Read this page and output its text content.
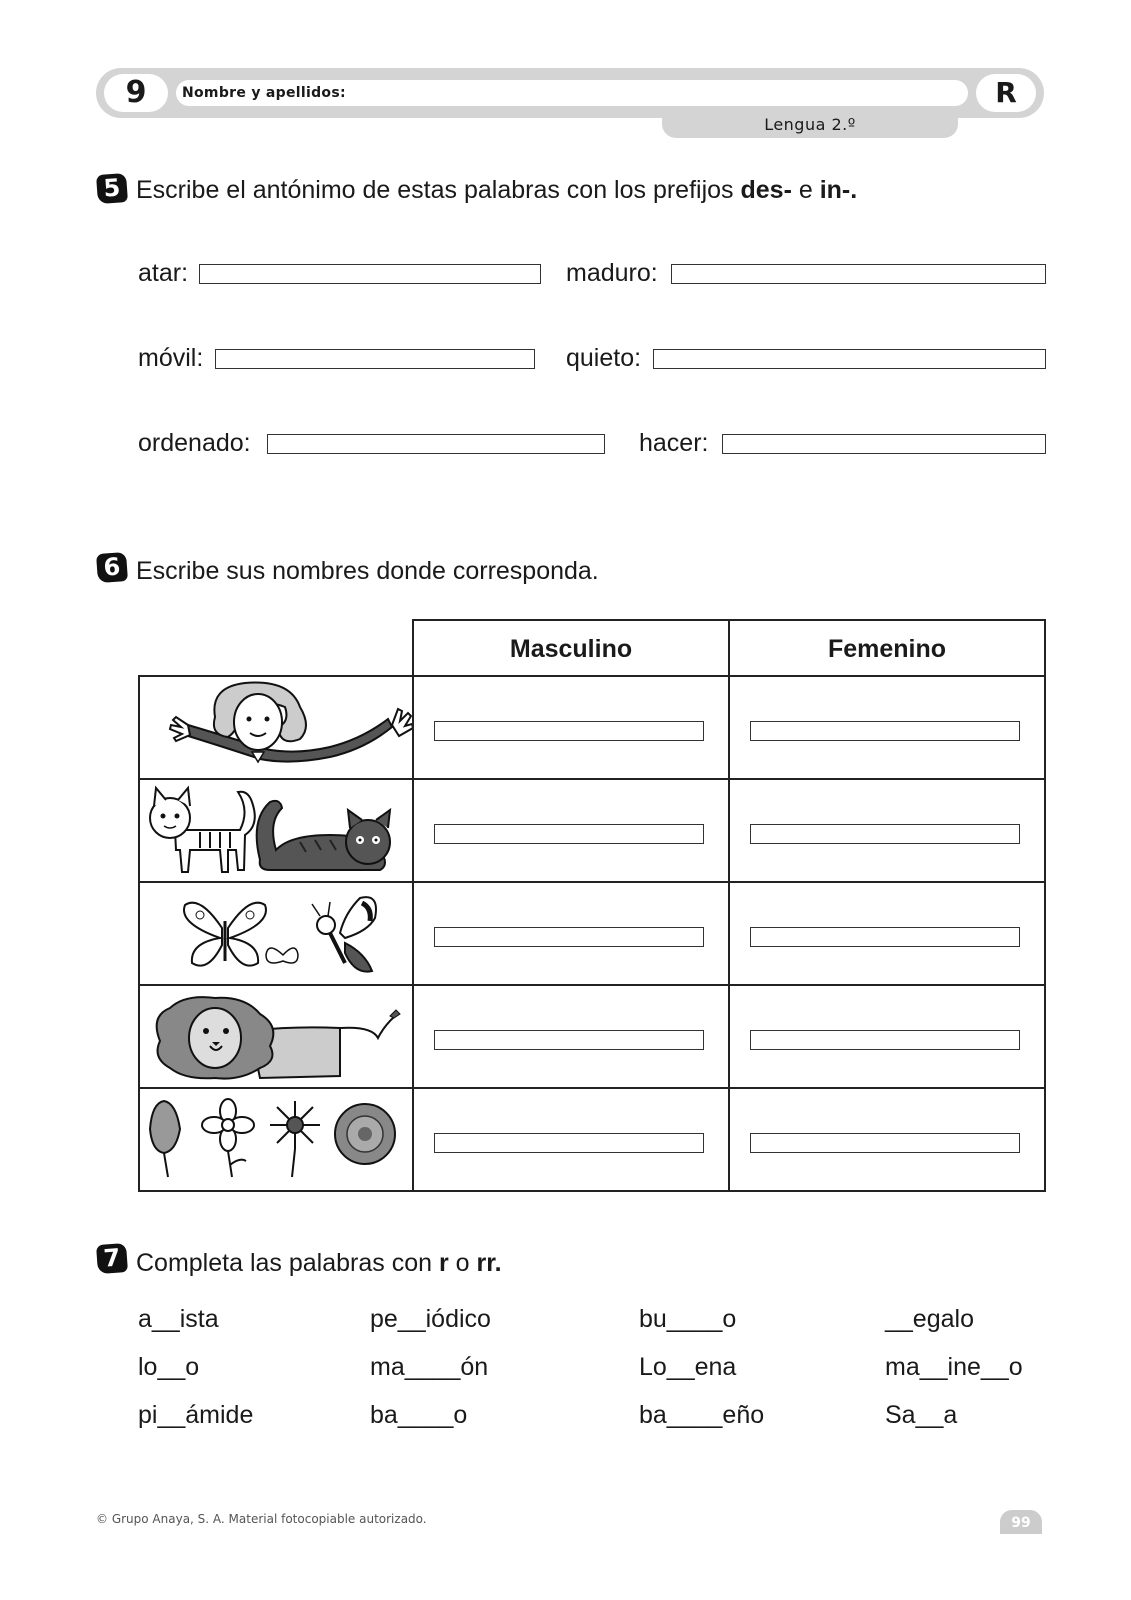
9	Nombre y apellidos:	R
Lengua 2.º
5 Escribe el antónimo de estas palabras con los prefijos des- e in-.
atar:	maduro:
móvil:	quieto:
ordenado:	hacer:
6 Escribe sus nombres donde corresponda.
Masculino	Femenino
7 Completa las palabras con r o rr.
a__ista	pe__iódico	bu____o	__egalo
lo__o	ma____ón	Lo__ena	ma__ine__o
pi__ámide	ba____o	ba____eño	Sa__a
© Grupo Anaya, S. A. Material fotocopiable autorizado.	99
